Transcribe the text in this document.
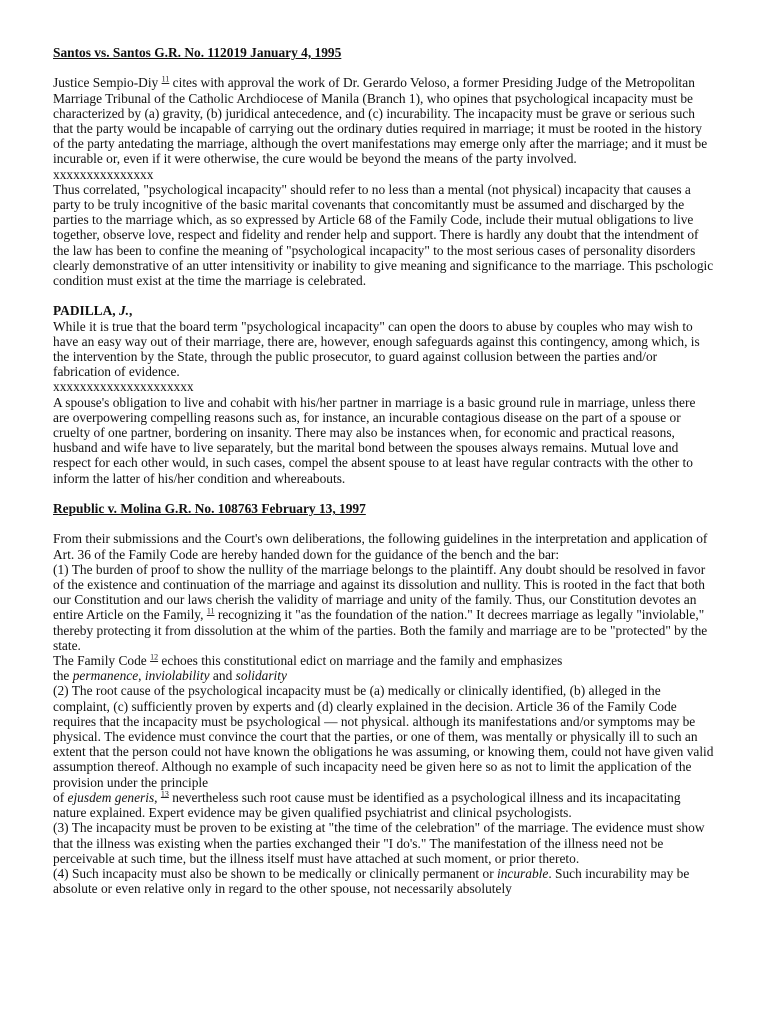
Santos vs. Santos G.R. No. 112019 January 4, 1995

Justice Sempio-Diy $^{11}$ cites with approval the work of Dr. Gerardo Veloso, a former Presiding Judge of the Metropolitan Marriage Tribunal of the Catholic Archdiocese of Manila (Branch 1), who opines that psychological incapacity must be characterized by (a) gravity, (b) juridical antecedence, and (c) incurability. The incapacity must be grave or serious such that the party would be incapable of carrying out the ordinary duties required in marriage; it must be rooted in the history of the party antedating the marriage, although the overt manifestations may emerge only after the marriage; and it must be incurable or, even if it were otherwise, the cure would be beyond the means of the party involved.

xxxxxxxxxxxxxxx

Thus correlated, "psychological incapacity" should refer to no less than a mental (not physical) incapacity that causes a party to be truly incognitive of the basic marital covenants that concomitantly must be assumed and discharged by the parties to the marriage which, as so expressed by Article 68 of the Family Code, include their mutual obligations to live together, observe love, respect and fidelity and render help and support. There is hardly any doubt that the intendment of the law has been to confine the meaning of "psychological incapacity" to the most serious cases of personality disorders clearly demonstrative of an utter intensitivity or inability to give meaning and significance to the marriage. This pschologic condition must exist at the time the marriage is celebrated.

PADILLA, J.,

While it is true that the board term "psychological incapacity" can open the doors to abuse by couples who may wish to have an easy way out of their marriage, there are, however, enough safeguards against this contingency, among which, is the intervention by the State, through the public prosecutor, to guard against collusion between the parties and/or fabrication of evidence.

xxxxxxxxxxxxxxxxxxxxx

A spouse's obligation to live and cohabit with his/her partner in marriage is a basic ground rule in marriage, unless there are overpowering compelling reasons such as, for instance, an incurable contagious disease on the part of a spouse or cruelty of one partner, bordering on insanity. There may also be instances when, for economic and practical reasons, husband and wife have to live separately, but the marital bond between the spouses always remains. Mutual love and respect for each other would, in such cases, compel the absent spouse to at least have regular contracts with the other to inform the latter of his/her condition and whereabouts.

Republic v. Molina G.R. No. 108763 February 13, 1997

From their submissions and the Court's own deliberations, the following guidelines in the interpretation and application of Art. 36 of the Family Code are hereby handed down for the guidance of the bench and the bar:

(1) The burden of proof to show the nullity of the marriage belongs to the plaintiff. Any doubt should be resolved in favor of the existence and continuation of the marriage and against its dissolution and nullity. This is rooted in the fact that both our Constitution and our laws cherish the validity of marriage and unity of the family. Thus, our Constitution devotes an entire Article on the Family, $^{11}$ recognizing it "as the foundation of the nation." It decrees marriage as legally "inviolable," thereby protecting it from dissolution at the whim of the parties. Both the family and marriage are to be "protected" by the state.

The Family Code $^{12}$ echoes this constitutional edict on marriage and the family and emphasizes

the permanence, inviolability and solidarity

(2) The root cause of the psychological incapacity must be (a) medically or clinically identified, (b) alleged in the complaint, (c) sufficiently proven by experts and (d) clearly explained in the decision. Article 36 of the Family Code requires that the incapacity must be psychological — not physical. although its manifestations and/or symptoms may be physical. The evidence must convince the court that the parties, or one of them, was mentally or physically ill to such an extent that the person could not have known the obligations he was assuming, or knowing them, could not have given valid assumption thereof. Although no example of such incapacity need be given here so as not to limit the application of the provision under the principle

of ejusdem generis, $^{13}$ nevertheless such root cause must be identified as a psychological illness and its incapacitating nature explained. Expert evidence may be given qualified psychiatrist and clinical psychologists.

(3) The incapacity must be proven to be existing at "the time of the celebration" of the marriage. The evidence must show that the illness was existing when the parties exchanged their "I do's." The manifestation of the illness need not be perceivable at such time, but the illness itself must have attached at such moment, or prior thereto.

(4) Such incapacity must also be shown to be medically or clinically permanent or incurable. Such incurability may be absolute or even relative only in regard to the other spouse, not necessarily absolutely
